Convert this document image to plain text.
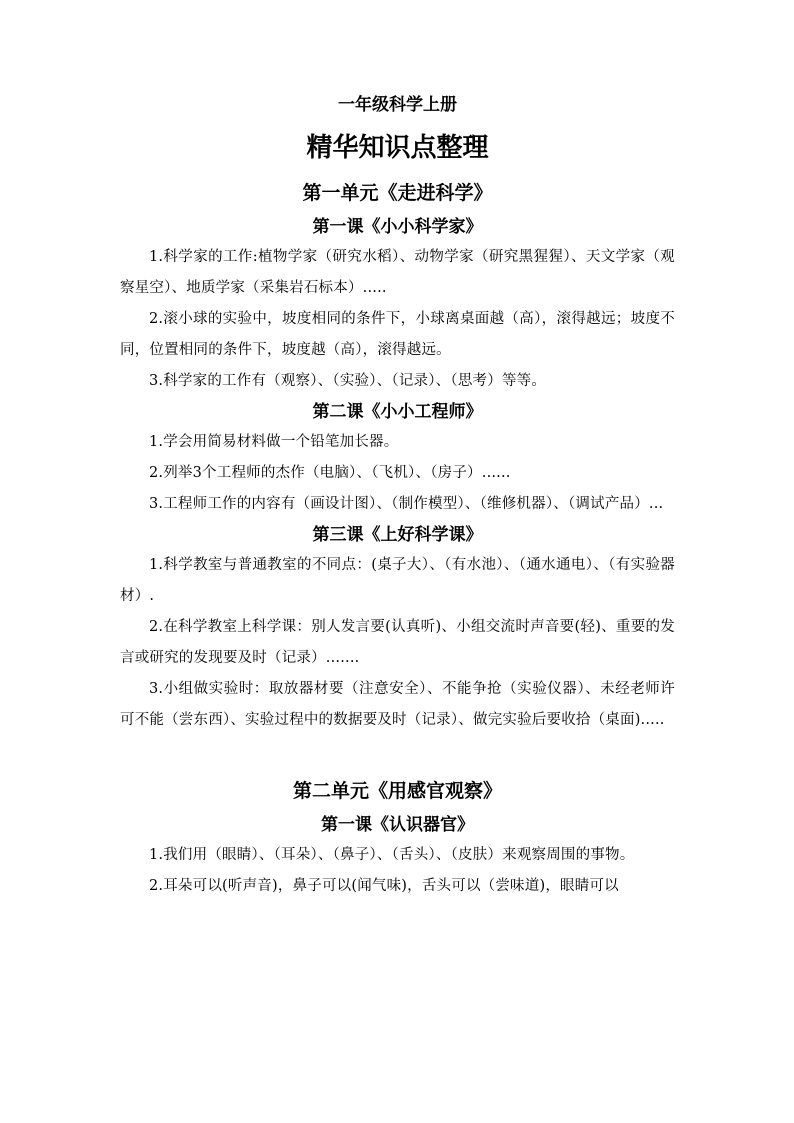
一年级科学上册
精华知识点整理
第一单元《走进科学》
第一课《小小科学家》

1.科学家的工作:植物学家（研究水稻）、动物学家（研究黑猩猩）、天文学家（观察星空）、地质学家（采集岩石标本）.....

2.滚小球的实验中，坡度相同的条件下，小球离桌面越（高），滚得越远；坡度不同，位置相同的条件下，坡度越（高），滚得越远。

3.科学家的工作有（观察）、（实验）、（记录）、（思考）等等。

第二课《小小工程师》

1.学会用简易材料做一个铅笔加长器。

2.列举3个工程师的杰作（电脑）、（飞机）、（房子）......

3.工程师工作的内容有（画设计图）、（制作模型）、（维修机器）、（调试产品）...

第三课《上好科学课》

1.科学教室与普通教室的不同点：(桌子大）、（有水池）、（通水通电）、（有实验器材）.

2.在科学教室上科学课：别人发言要(认真听)、小组交流时声音要(轻)、重要的发言或研究的发现要及时（记录）.......

3.小组做实验时：取放器材要（注意安全）、不能争抢（实验仪器）、未经老师许可不能（尝东西）、实验过程中的数据要及时（记录）、做完实验后要收拾（桌面).....

第二单元《用感官观察》
第一课《认识器官》

1.我们用（眼睛）、（耳朵）、（鼻子）、（舌头）、（皮肤）来观察周围的事物。

2.耳朵可以(听声音)，鼻子可以(闻气味)，舌头可以（尝味道)，眼睛可以
